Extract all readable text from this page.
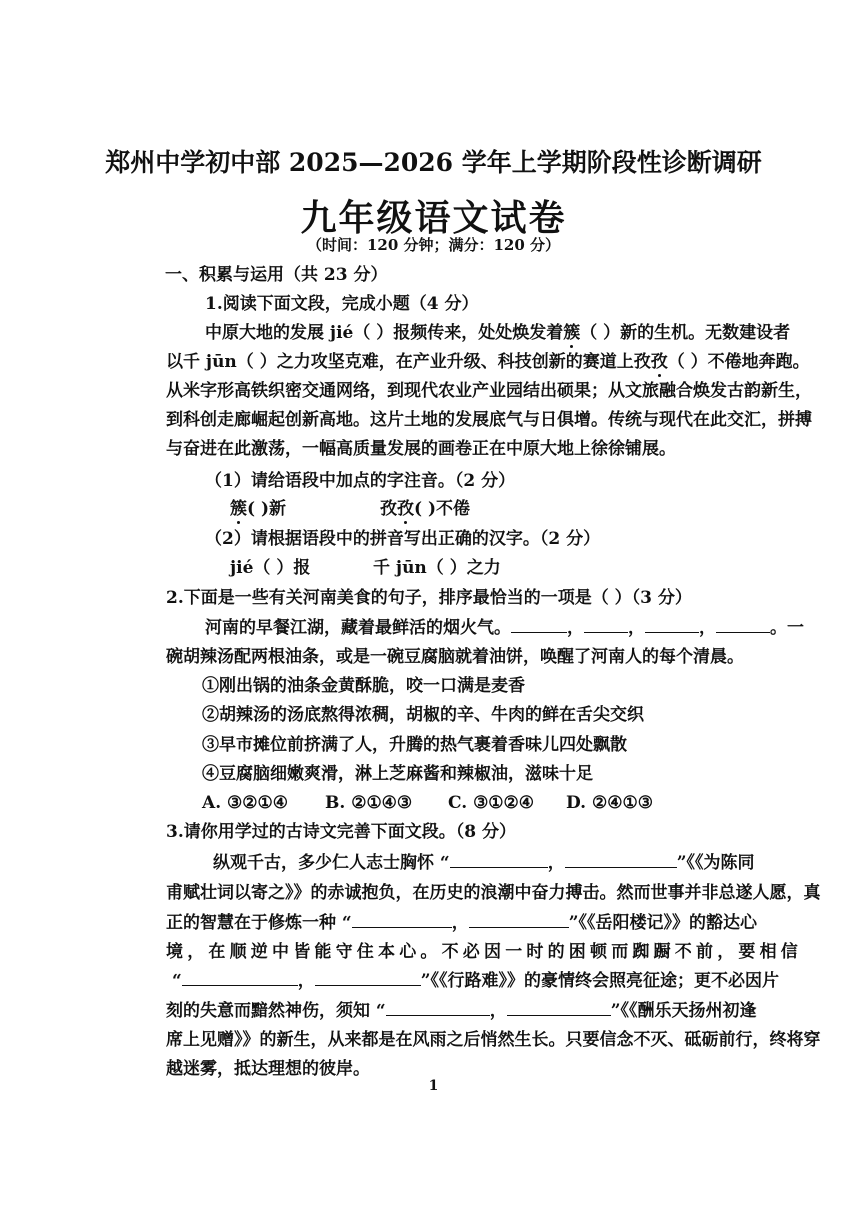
郑州中学初中部 2025—2026 学年上学期阶段性诊断调研
九年级语文试卷
（时间：120 分钟；满分：120 分）
一、积累与运用（共 23 分）
1.阅读下面文段，完成小题（4 分）
中原大地的发展 jié（ ）报频传来，处处焕发着簇（ ）新的生机。无数建设者
以千 jūn（ ）之力攻坚克难，在产业升级、科技创新的赛道上孜孜（ ）不倦地奔跑。
从米字形高铁织密交通网络，到现代农业产业园结出硕果；从文旅融合焕发古韵新生，
到科创走廊崛起创新高地。这片土地的发展底气与日俱增。传统与现代在此交汇，拼搏
与奋进在此激荡，一幅高质量发展的画卷正在中原大地上徐徐铺展。
（1）请给语段中加点的字注音。（2 分）
簇( )新	孜孜( )不倦
（2）请根据语段中的拼音写出正确的汉字。（2 分）
jié（ ）报	千 jūn（ ）之力
2.下面是一些有关河南美食的句子，排序最恰当的一项是（ ）（3 分）
河南的早餐江湖，藏着最鲜活的烟火气。	，	，	，	。一
碗胡辣汤配两根油条，或是一碗豆腐脑就着油饼，唤醒了河南人的每个清晨。
①刚出锅的油条金黄酥脆，咬一口满是麦香
②胡辣汤的汤底熬得浓稠，胡椒的辛、牛肉的鲜在舌尖交织
③早市摊位前挤满了人，升腾的热气裹着香味儿四处飘散
④豆腐脑细嫩爽滑，淋上芝麻酱和辣椒油，滋味十足
A. ③②①④ B. ②①④③ C. ③①②④ D. ②④①③
3.请你用学过的古诗文完善下面文段。（8 分）
纵观千古，多少仁人志士胸怀 “	，	”《《为陈同
甫赋壮词以寄之》》的赤诚抱负，在历史的浪潮中奋力搏击。然而世事并非总遂人愿，真
正的智慧在于修炼一种 “	，	”《《岳阳楼记》》的豁达心
境，在顺逆中皆能守住本心。不必因一时的困顿而踟蹰不前，要相信
“	，	”《《行路难》》的豪情终会照亮征途；更不必因片
刻的失意而黯然神伤，须知 “	，	”《《酬乐天扬州初逢
席上见赠》》的新生，从来都是在风雨之后悄然生长。只要信念不灭、砥砺前行，终将穿
越迷雾，抵达理想的彼岸。
1
